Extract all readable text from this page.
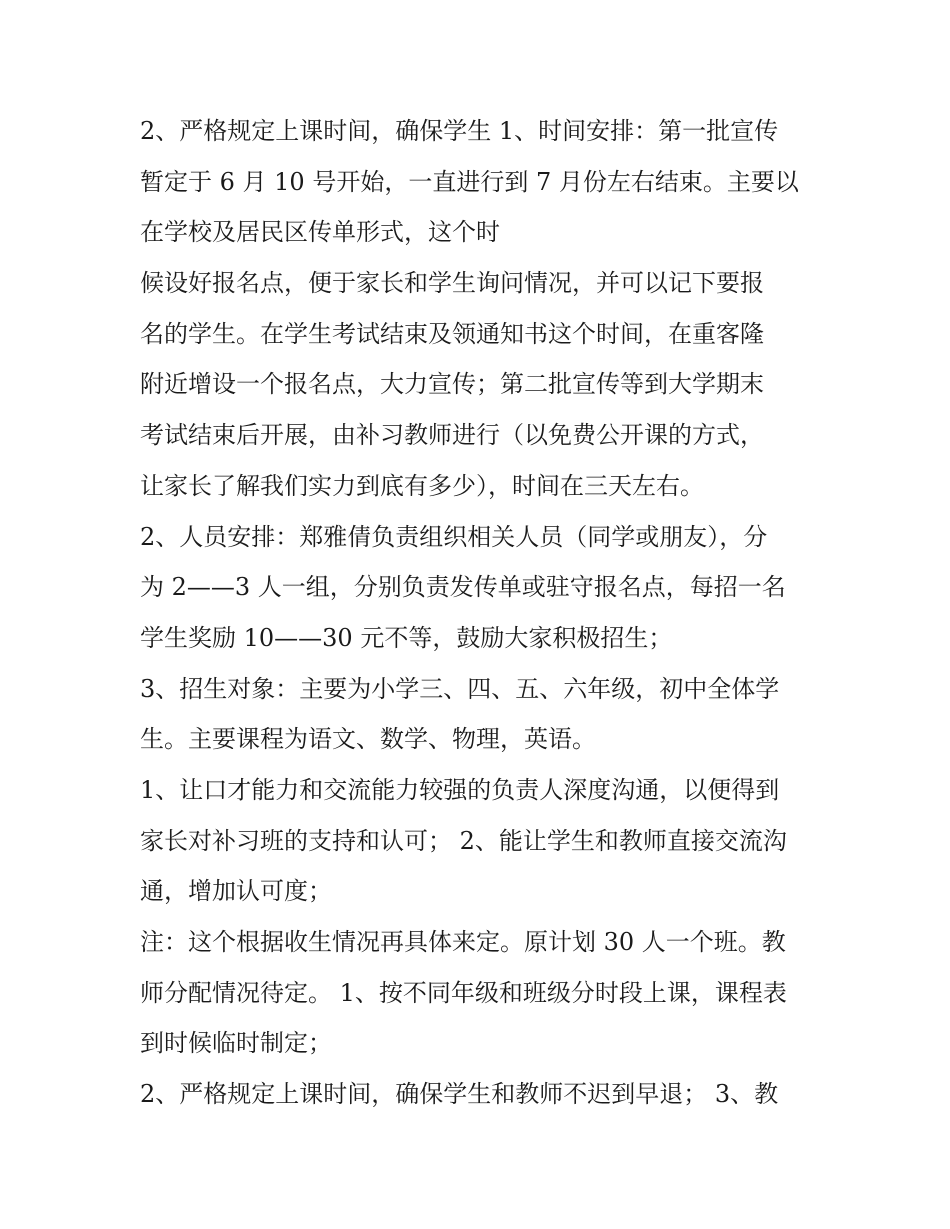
2、严格规定上课时间，确保学生 1、时间安排：第一批宣传

暂定于 6 月 10 号开始，一直进行到 7 月份左右结束。主要以

在学校及居民区传单形式，这个时

候设好报名点，便于家长和学生询问情况，并可以记下要报

名的学生。在学生考试结束及领通知书这个时间，在重客隆

附近增设一个报名点，大力宣传；第二批宣传等到大学期末

考试结束后开展，由补习教师进行（以免费公开课的方式，

让家长了解我们实力到底有多少），时间在三天左右。

2、人员安排：郑雅倩负责组织相关人员（同学或朋友），分

为 2——3 人一组，分别负责发传单或驻守报名点，每招一名

学生奖励 10——30 元不等，鼓励大家积极招生；

3、招生对象：主要为小学三、四、五、六年级，初中全体学

生。主要课程为语文、数学、物理，英语。

1、让口才能力和交流能力较强的负责人深度沟通，以便得到

家长对补习班的支持和认可； 2、能让学生和教师直接交流沟

通，增加认可度；

注：这个根据收生情况再具体来定。原计划 30 人一个班。教

师分配情况待定。 1、按不同年级和班级分时段上课，课程表

到时候临时制定；

2、严格规定上课时间，确保学生和教师不迟到早退； 3、教
